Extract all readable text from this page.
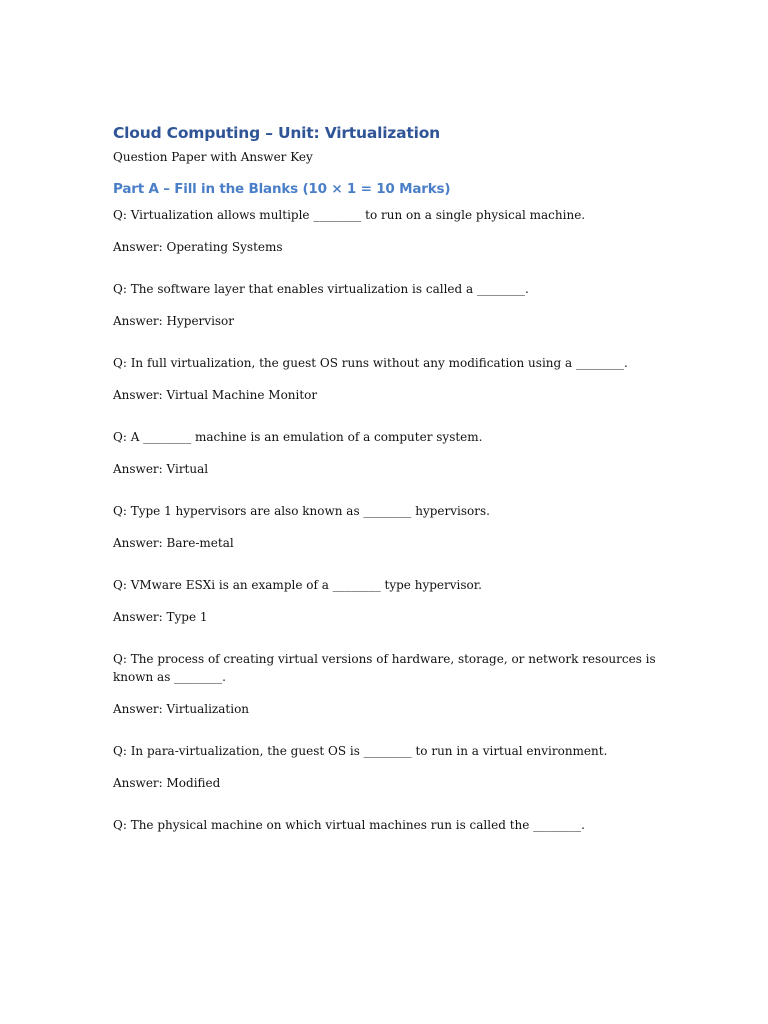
Cloud Computing – Unit: Virtualization
Question Paper with Answer Key
Part A – Fill in the Blanks (10 × 1 = 10 Marks)

Q: Virtualization allows multiple ________ to run on a single physical machine.

Answer: Operating Systems

Q: The software layer that enables virtualization is called a ________.

Answer: Hypervisor

Q: In full virtualization, the guest OS runs without any modification using a ________.

Answer: Virtual Machine Monitor

Q: A ________ machine is an emulation of a computer system.

Answer: Virtual

Q: Type 1 hypervisors are also known as ________ hypervisors.

Answer: Bare-metal

Q: VMware ESXi is an example of a ________ type hypervisor.

Answer: Type 1

Q: The process of creating virtual versions of hardware, storage, or network resources is known as ________.

Answer: Virtualization

Q: In para-virtualization, the guest OS is ________ to run in a virtual environment.

Answer: Modified

Q: The physical machine on which virtual machines run is called the ________.
